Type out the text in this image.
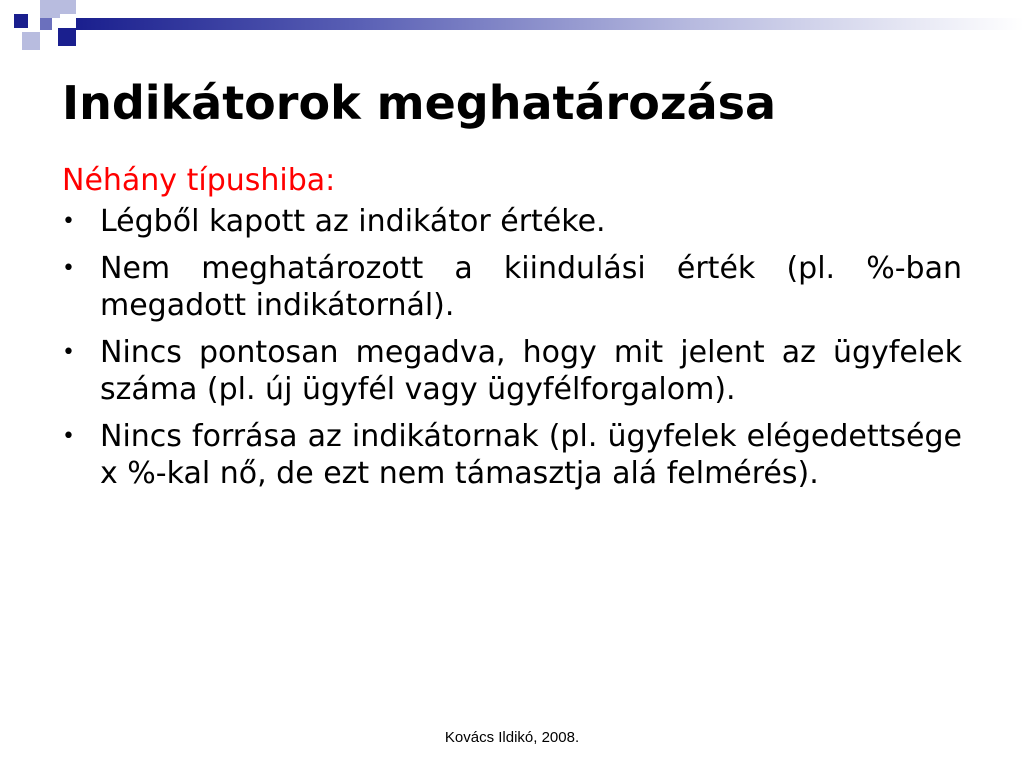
Indikátorok meghatározása
Néhány típushiba:
• Légből kapott az indikátor értéke.
• Nem meghatározott a kiindulási érték (pl. %-ban megadott indikátornál).
• Nincs pontosan megadva, hogy mit jelent az ügyfelek száma (pl. új ügyfél vagy ügyfélforgalom).
• Nincs forrása az indikátornak (pl. ügyfelek elégedettsége x %-kal nő, de ezt nem támasztja alá felmérés).
Kovács Ildikó, 2008.
